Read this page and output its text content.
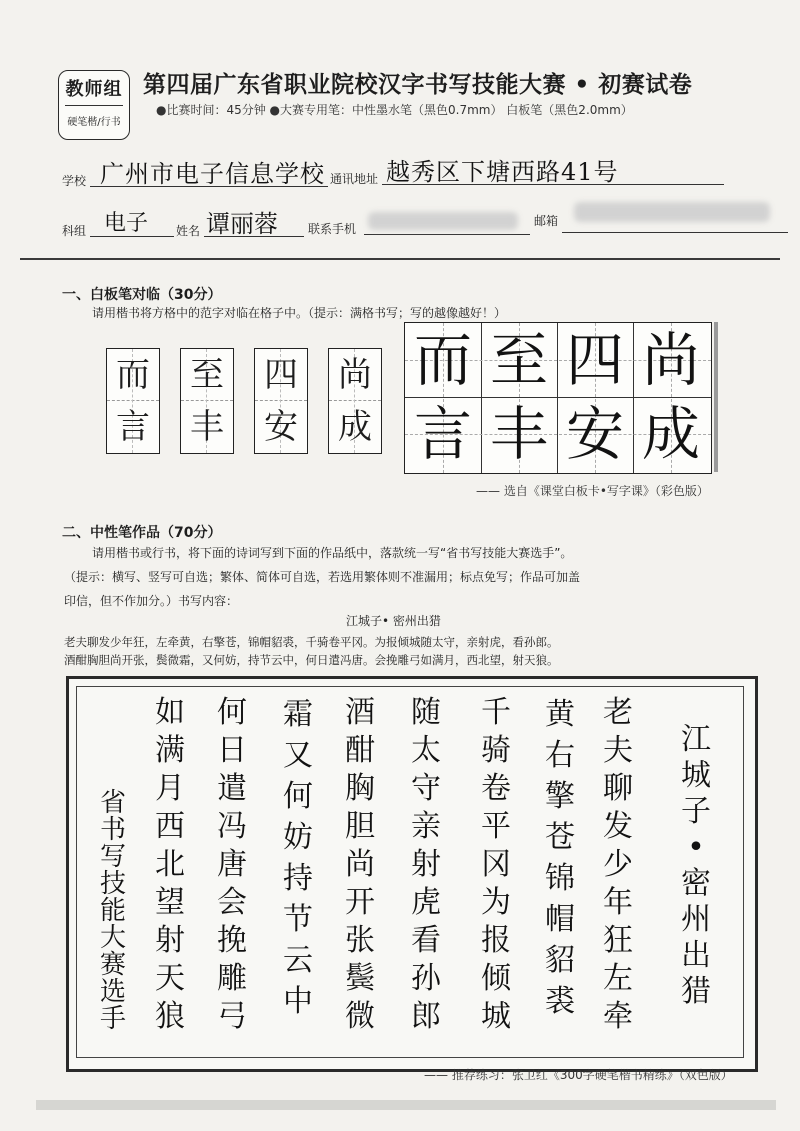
教师组
硬笔楷/行书
第四届广东省职业院校汉字书写技能大赛 • 初赛试卷
●比赛时间：45分钟 ●大赛专用笔：中性墨水笔（黑色0.7mm） 白板笔（黑色2.0mm）
学校 广州市电子信息学校 通讯地址 越秀区下塘西路41号
科组 电子 姓名 谭丽蓉	联系手机
邮箱
一、白板笔对临（30分）
请用楷书将方格中的范字对临在格子中。（提示：满格书写；写的越像越好！）
而
言
至
丰
四
安
尚
成
而
言
至
丰
四
安
尚
成
—— 选自《课堂白板卡•写字课》（彩色版）
二、中性笔作品（70分）
请用楷书或行书，将下面的诗词写到下面的作品纸中，落款统一写“省书写技能大赛选手”。
（提示：横写、竖写可自选；繁体、简体可自选，若选用繁体则不准漏用；标点免写；作品可加盖
印信，但不作加分。）书写内容：
江城子• 密州出猎
老夫聊发少年狂，左牵黄，右擎苍，锦帽貂裘，千骑卷平冈。为报倾城随太守，亲射虎，看孙郎。
酒酣胸胆尚开张，鬓微霜，又何妨，持节云中，何日遣冯唐。会挽雕弓如满月，西北望，射天狼。
江城子•密州出猎
老夫聊发少年狂左牵
黄右擎苍锦帽貂裘
千骑卷平冈为报倾城
随太守亲射虎看孙郎
酒酣胸胆尚开张鬓微
霜又何妨持节云中
何日遣冯唐会挽雕弓
如满月西北望射天狼
省书写技能大赛选手
—— 推荐练习：张卫红《300字硬笔楷书精练》（双色版）
